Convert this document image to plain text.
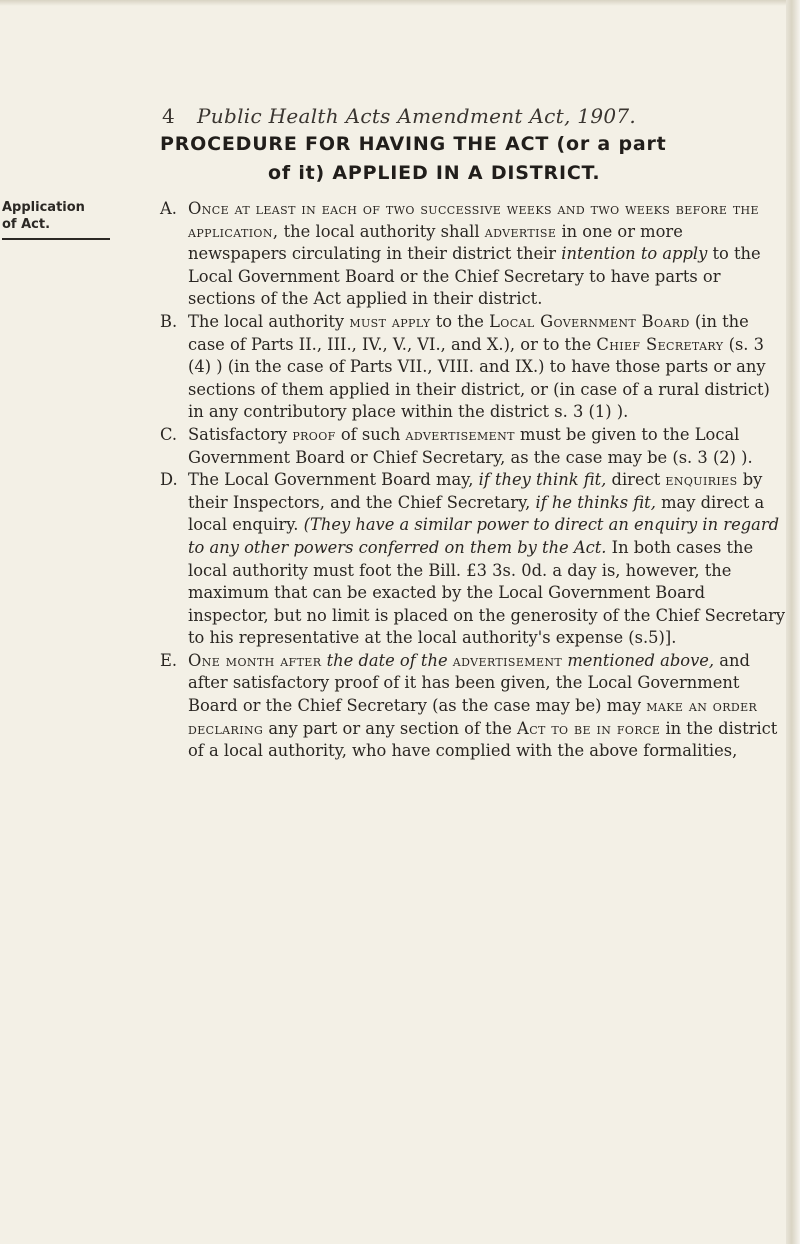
4 Public Health Acts Amendment Act, 1907.
PROCEDURE FOR HAVING THE ACT (or a part
of it) APPLIED IN A DISTRICT.
Application
of Act.

A. Once at least in each of two successive weeks and two weeks before the application, the local authority shall advertise in one or more newspapers circulating in their district their intention to apply to the Local Government Board or the Chief Secretary to have parts or sections of the Act applied in their district.

B. The local authority must apply to the Local Government Board (in the case of Parts II., III., IV., V., VI., and X.), or to the Chief Secretary (s. 3 (4) ) (in the case of Parts VII., VIII. and IX.) to have those parts or any sections of them applied in their district, or (in case of a rural district) in any contributory place within the district s. 3 (1) ).

C. Satisfactory proof of such advertisement must be given to the Local Government Board or Chief Secretary, as the case may be (s. 3 (2) ).

D. The Local Government Board may, if they think fit, direct enquiries by their Inspectors, and the Chief Secretary, if he thinks fit, may direct a local enquiry. (They have a similar power to direct an enquiry in regard to any other powers conferred on them by the Act. In both cases the local authority must foot the Bill. £3 3s. 0d. a day is, however, the maximum that can be exacted by the Local Government Board inspector, but no limit is placed on the generosity of the Chief Secretary to his representative at the local authority's expense (s.5)].

E. One month after the date of the advertisement mentioned above, and after satisfactory proof of it has been given, the Local Government Board or the Chief Secretary (as the case may be) may make an order declaring any part or any section of the Act to be in force in the district of a local authority, who have complied with the above formalities,
